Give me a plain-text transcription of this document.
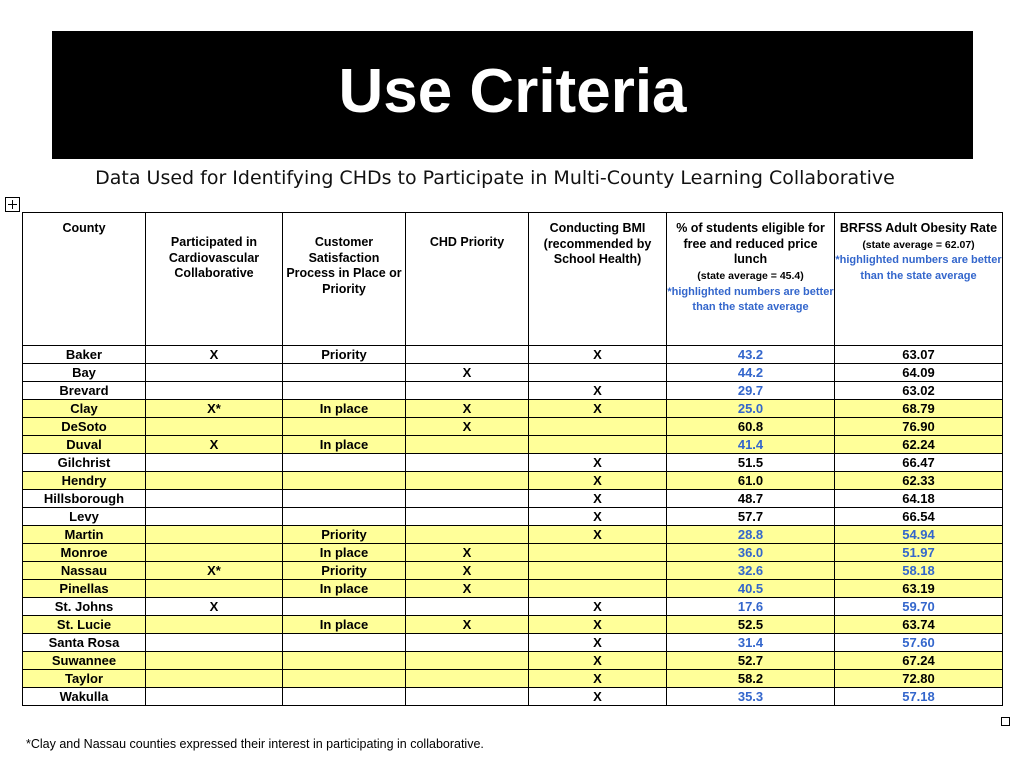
Use Criteria
Data Used for Identifying CHDs to Participate in Multi-County Learning Collaborative
County	Participated in Cardiovascular Collaborative	Customer Satisfaction Process in Place or Priority	CHD Priority	Conducting BMI (recommended by School Health)	% of students eligible for free and reduced price lunch
(state average = 45.4)
*highlighted numbers are better than the state average	BRFSS Adult Obesity Rate
(state average = 62.07)
*highlighted numbers are better than the state average
Baker	X	Priority		X	43.2	63.07
Bay			X		44.2	64.09
Brevard				X	29.7	63.02
Clay	X*	In place	X	X	25.0	68.79
DeSoto			X		60.8	76.90
Duval	X	In place			41.4	62.24
Gilchrist				X	51.5	66.47
Hendry				X	61.0	62.33
Hillsborough				X	48.7	64.18
Levy				X	57.7	66.54
Martin		Priority		X	28.8	54.94
Monroe		In place	X		36.0	51.97
Nassau	X*	Priority	X		32.6	58.18
Pinellas		In place	X		40.5	63.19
St. Johns	X			X	17.6	59.70
St. Lucie		In place	X	X	52.5	63.74
Santa Rosa				X	31.4	57.60
Suwannee				X	52.7	67.24
Taylor				X	58.2	72.80
Wakulla				X	35.3	57.18
*Clay and Nassau counties expressed their interest in participating in collaborative.
